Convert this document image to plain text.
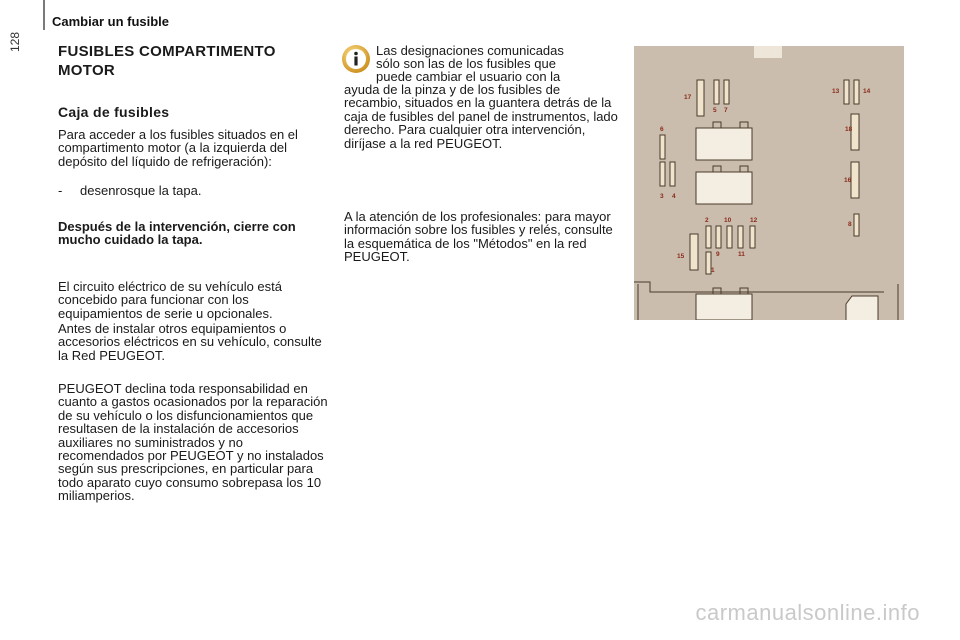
128
Cambiar un fusible
FUSIBLES COMPARTIMENTO MOTOR
Caja de fusibles
Para acceder a los fusibles situados en el compartimento motor (a la izquierda del depósito del líquido de refrigeración):
- desenrosque la tapa.
Después de la intervención, cierre con mucho cuidado la tapa.
El circuito eléctrico de su vehículo está concebido para funcionar con los equipamientos de serie u opcionales.
Antes de instalar otros equipamientos o accesorios eléctricos en su vehículo, consulte la Red PEUGEOT.
PEUGEOT declina toda responsabilidad en cuanto a gastos ocasionados por la reparación de su vehículo o los disfuncionamientos que resultasen de la instalación de accesorios auxiliares no suministrados y no recomendados por PEUGEOT y no instalados según sus prescripciones, en particular para todo aparato cuyo consumo sobrepasa los 10 miliamperios.
Las designaciones comunicadas
sólo son las de los fusibles que
puede cambiar el usuario con la
ayuda de la pinza y de los fusibles de recambio, situados en la guantera detrás de la caja de fusibles del panel de instrumentos, lado derecho. Para cualquier otra intervención, diríjase a la red PEUGEOT.
A la atención de los profesionales: para mayor información sobre los fusibles y relés, consulte la esquemática de los "Métodos" en la red PEUGEOT.
17
5 7
13	14
6	18
3 4
16
2 10	12
8
9	11
15
1
carmanualsonline.info
